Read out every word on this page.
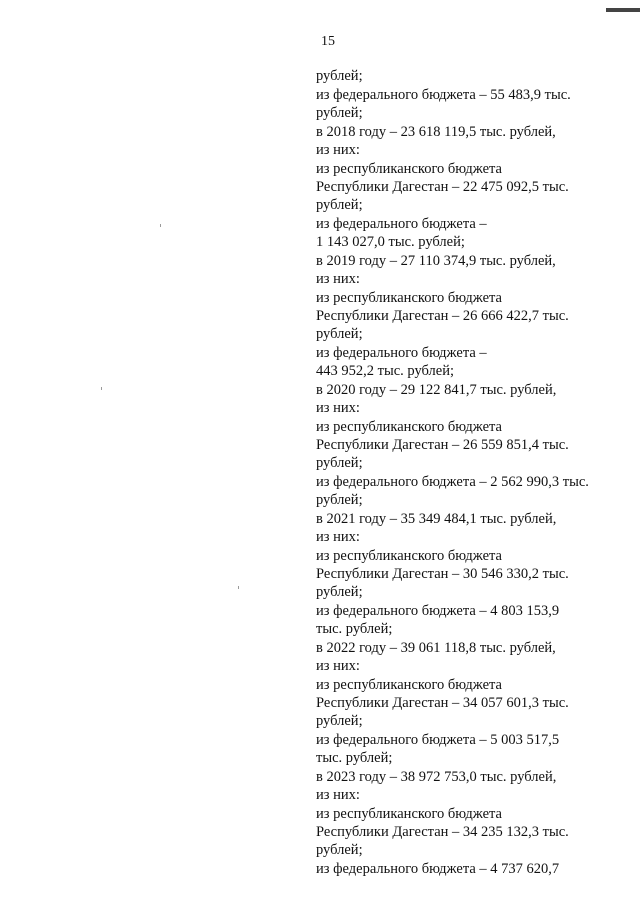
15
рублей;
из федерального бюджета – 55 483,9 тыс.
рублей;
в 2018 году – 23 618 119,5 тыс. рублей,
из них:
из республиканского бюджета
Республики Дагестан – 22 475 092,5 тыс.
рублей;
из федерального бюджета –
1 143 027,0 тыс. рублей;
в 2019 году – 27 110 374,9 тыс. рублей,
из них:
из республиканского бюджета
Республики Дагестан – 26 666 422,7 тыс.
рублей;
из федерального бюджета –
443 952,2 тыс. рублей;
в 2020 году – 29 122 841,7 тыс. рублей,
из них:
из республиканского бюджета
Республики Дагестан – 26 559 851,4 тыс.
рублей;
из федерального бюджета – 2 562 990,3 тыс.
рублей;
в 2021 году – 35 349 484,1 тыс. рублей,
из них:
из республиканского бюджета
Республики Дагестан – 30 546 330,2 тыс.
рублей;
из федерального бюджета – 4 803 153,9
тыс. рублей;
в 2022 году – 39 061 118,8 тыс. рублей,
из них:
из республиканского бюджета
Республики Дагестан – 34 057 601,3 тыс.
рублей;
из федерального бюджета – 5 003 517,5
тыс. рублей;
в 2023 году – 38 972 753,0 тыс. рублей,
из них:
из республиканского бюджета
Республики Дагестан – 34 235 132,3 тыс.
рублей;
из федерального бюджета – 4 737 620,7
